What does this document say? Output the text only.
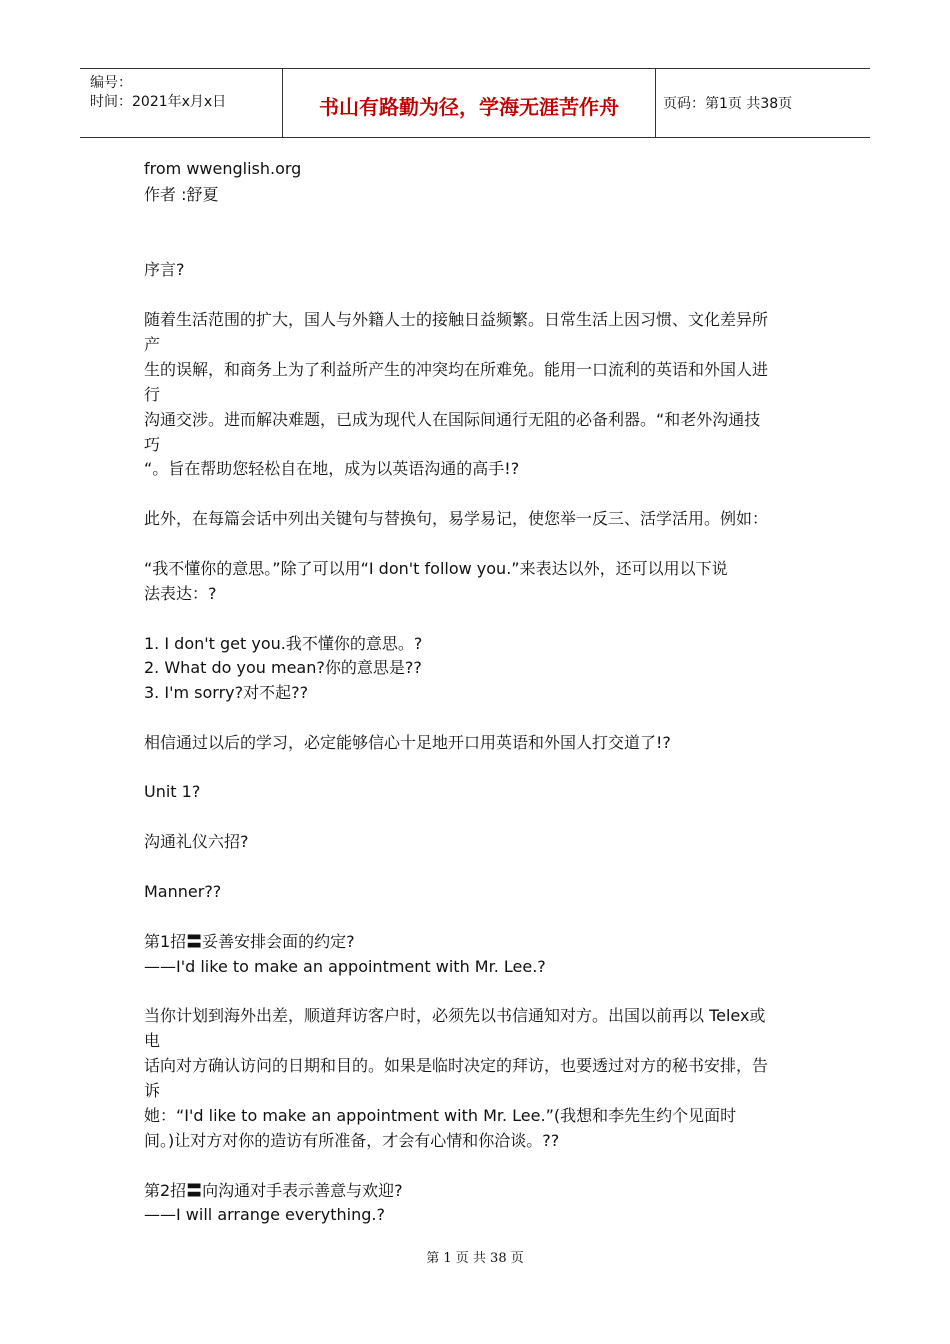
编号：
时间：2021年x月x日	书山有路勤为径，学海无涯苦作舟	页码：第1页 共38页
from wwenglish.org
作者 :舒夏
序言?
随着生活范围的扩大，国人与外籍人士的接触日益频繁。日常生活上因习惯、文化差异所
产
生的误解，和商务上为了利益所产生的冲突均在所难免。能用一口流利的英语和外国人进
行
沟通交涉。进而解决难题，已成为现代人在国际间通行无阻的必备利器。“和老外沟通技
巧
“。旨在帮助您轻松自在地，成为以英语沟通的高手!?
此外，在每篇会话中列出关键句与替换句，易学易记，使您举一反三、活学活用。例如：
“我不懂你的意思。”除了可以用“I don't follow you.”来表达以外，还可以用以下说
法表达：?
1. I don't get you.我不懂你的意思。?
2. What do you mean?你的意思是??
3. I'm sorry?对不起??
相信通过以后的学习，必定能够信心十足地开口用英语和外国人打交道了!?
Unit 1?
沟通礼仪六招?
Manner??
第1招〓妥善安排会面的约定?
——I'd like to make an appointment with Mr. Lee.?
当你计划到海外出差，顺道拜访客户时，必须先以书信通知对方。出国以前再以 Telex或
电
话向对方确认访问的日期和目的。如果是临时决定的拜访，也要透过对方的秘书安排，告
诉
她：“I'd like to make an appointment with Mr. Lee.”(我想和李先生约个见面时
间。)让对方对你的造访有所准备，才会有心情和你洽谈。??
第2招〓向沟通对手表示善意与欢迎?
——I will arrange everything.?
第 1 页 共 38 页
